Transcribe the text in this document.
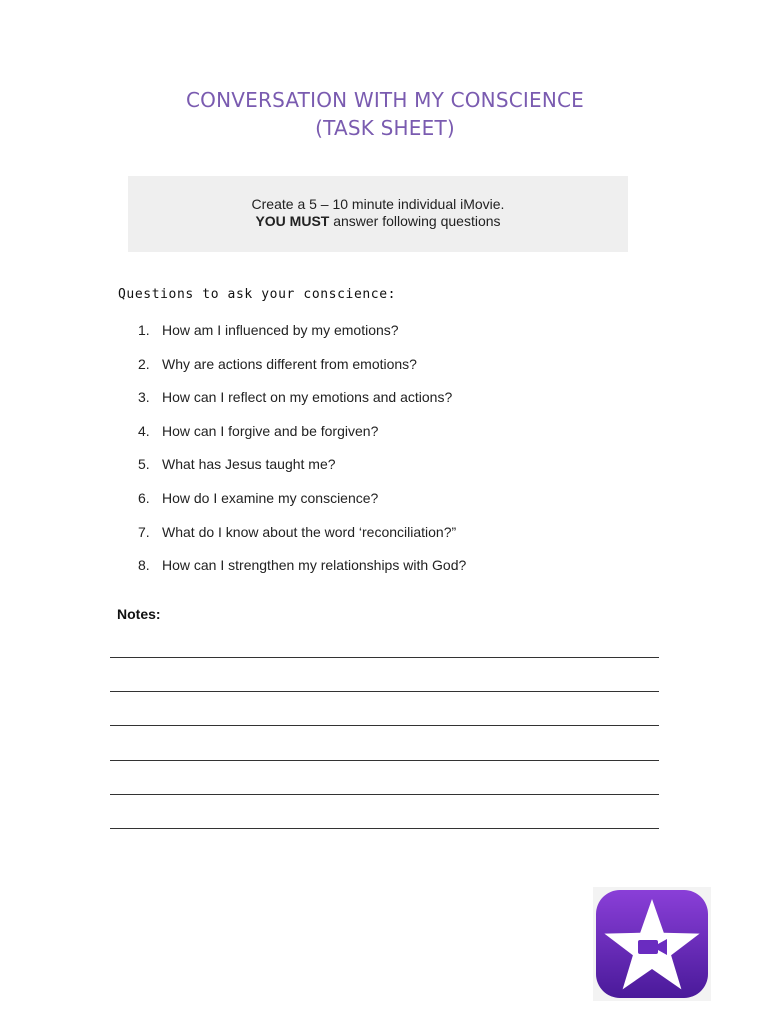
CONVERSATION WITH MY CONSCIENCE
(TASK SHEET)
Create a 5 – 10 minute individual iMovie.
YOU MUST answer following questions
Questions to ask your conscience:
1. How am I influenced by my emotions?
2. Why are actions different from emotions?
3. How can I reflect on my emotions and actions?
4. How can I forgive and be forgiven?
5. What has Jesus taught me?
6. How do I examine my conscience?
7. What do I know about the word ‘reconciliation?”
8. How can I strengthen my relationships with God?
Notes:
